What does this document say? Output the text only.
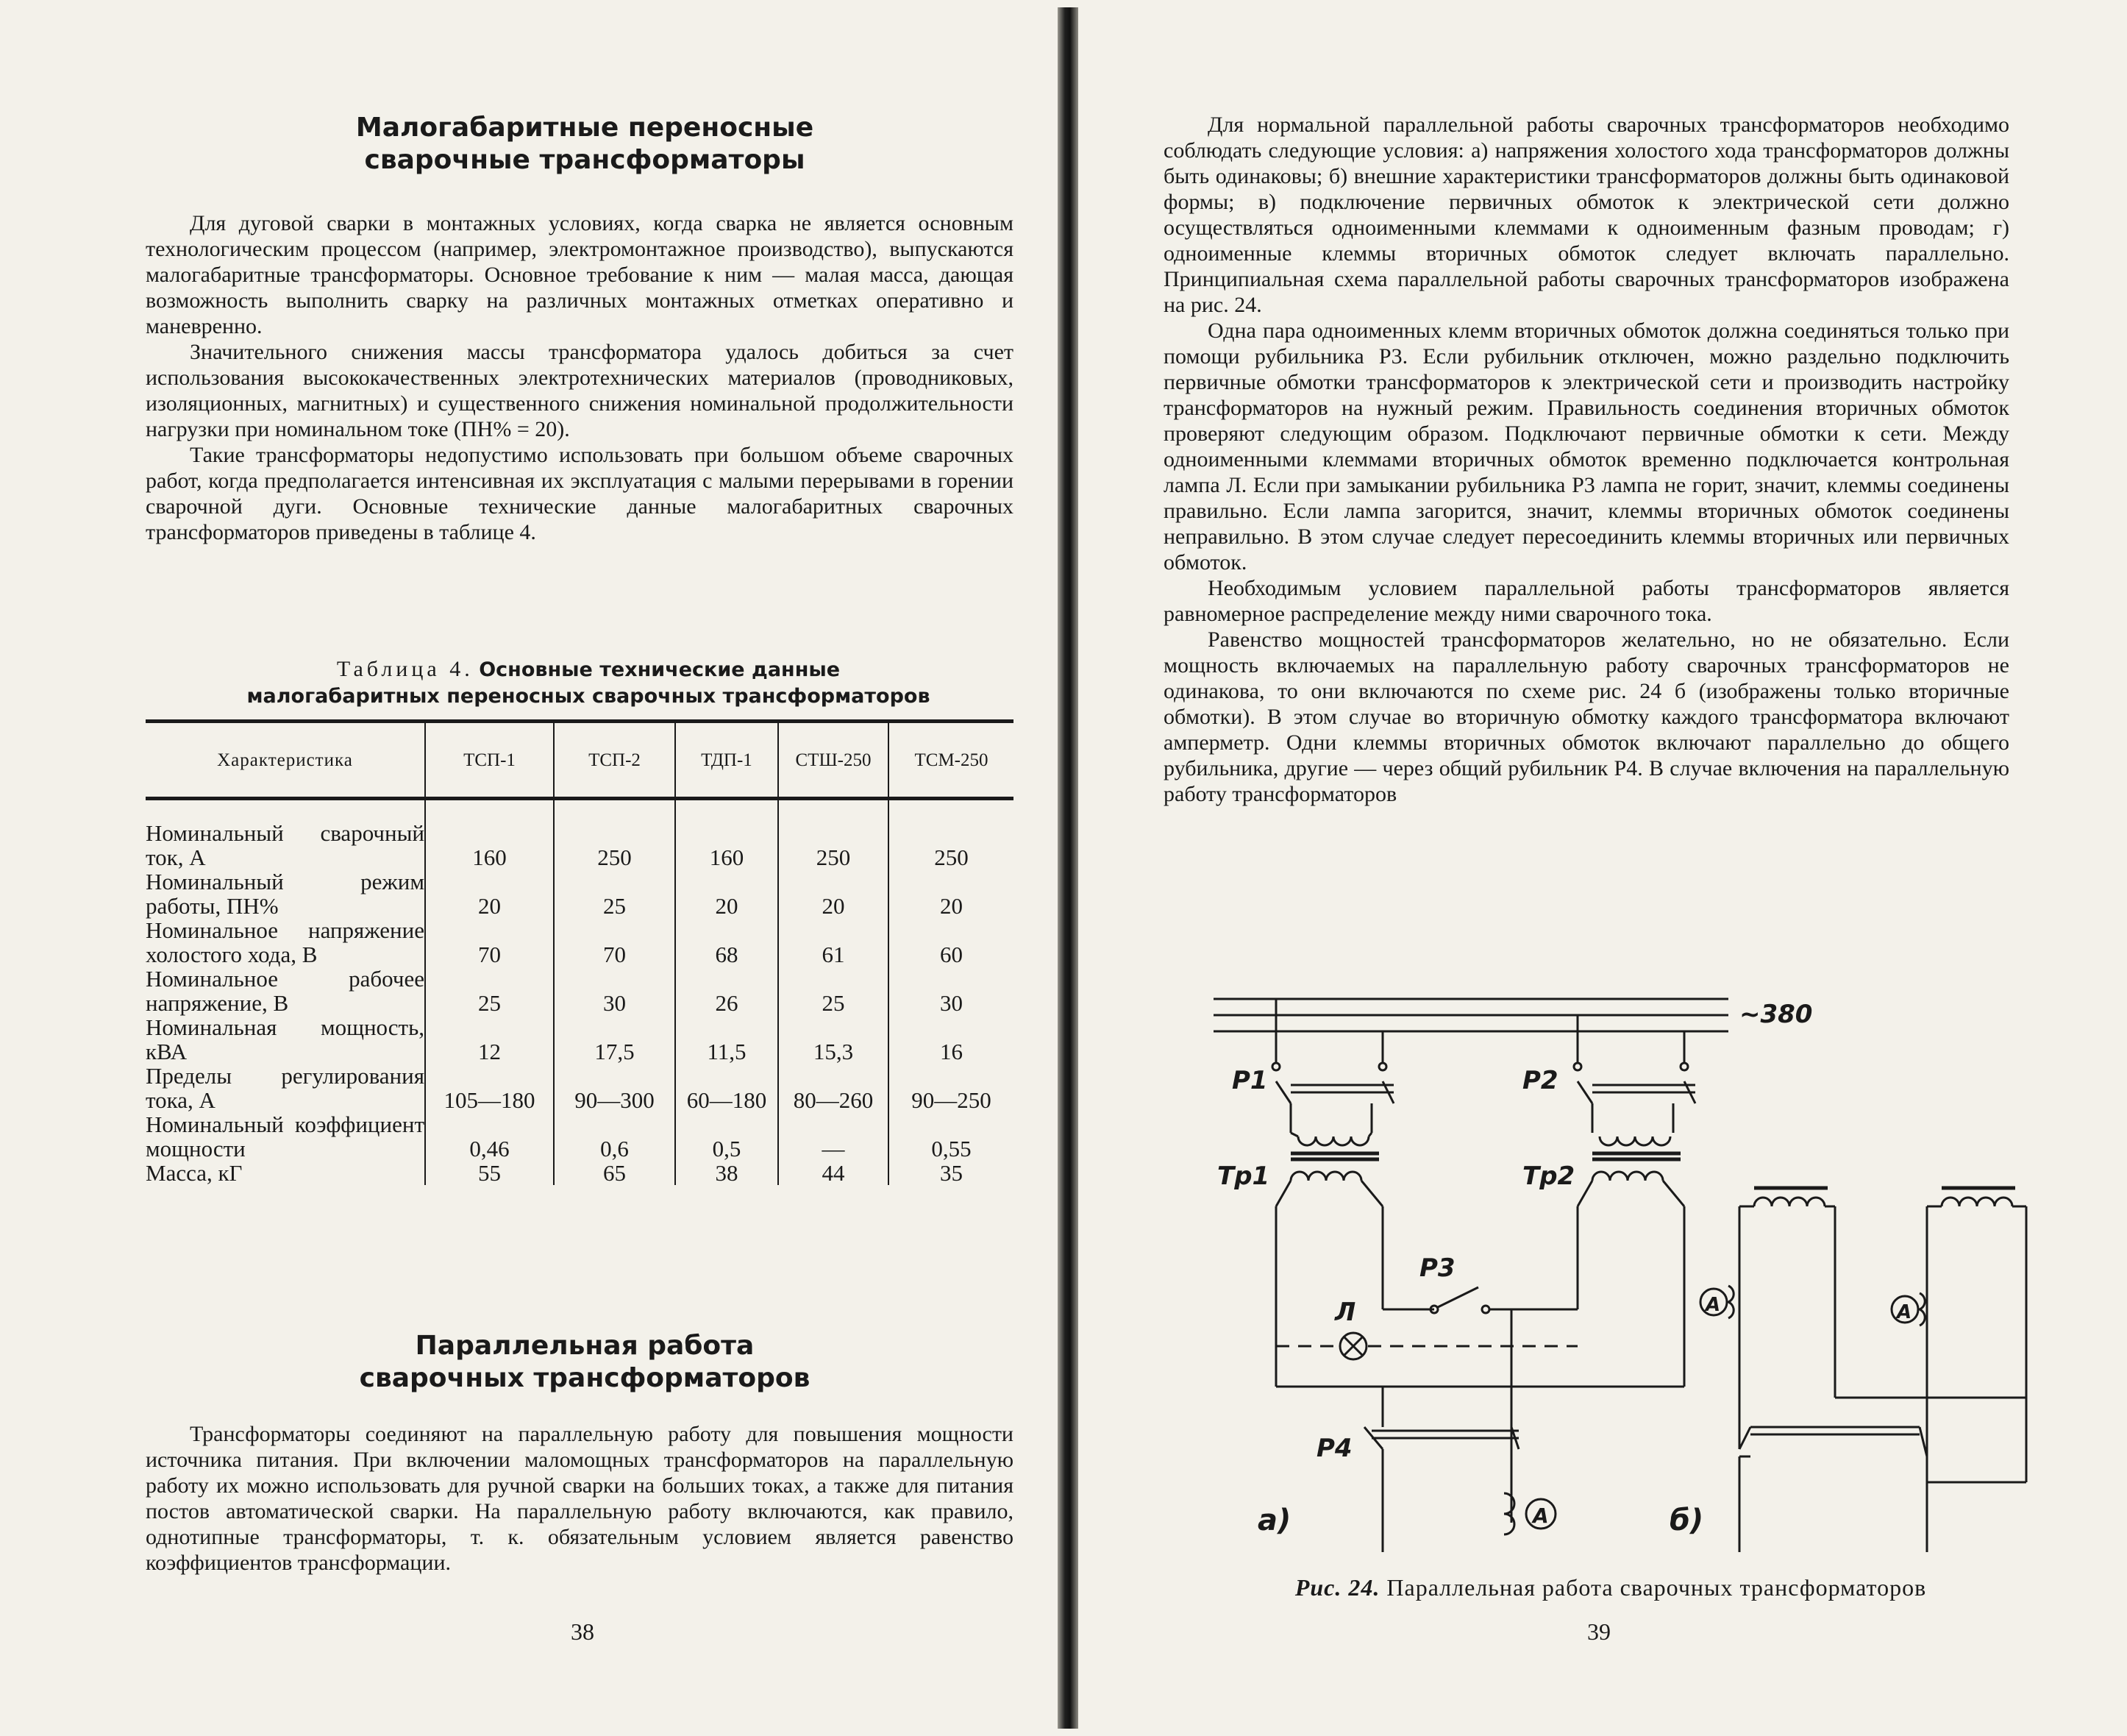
Малогабаритные переносные
сварочные трансформаторы

Для дуговой сварки в монтажных условиях, когда сварка не является основным технологическим процессом (например, электромонтажное производство), выпускаются малогабаритные трансформаторы. Основное требование к ним — малая масса, дающая возможность выполнить сварку на различных монтажных отметках оперативно и маневренно.

Значительного снижения массы трансформатора удалось добиться за счет использования высококачественных электротехнических материалов (проводниковых, изоляционных, магнитных) и существенного снижения номинальной продолжительности нагрузки при номинальном токе (ПН% = 20).

Такие трансформаторы недопустимо использовать при большом объеме сварочных работ, когда предполагается интенсивная их эксплуатация с малыми перерывами в горении сварочной дуги. Основные технические данные малогабаритных сварочных трансформаторов приведены в таблице 4.

Таблица 4. Основные технические данные
малогабаритных переносных сварочных трансформаторов
Характеристика	ТСП-1	ТСП-2	ТДП-1	СТШ-250	ТСМ-250
Номинальный сварочный ток, А	160	250	160	250	250
Номинальный режим работы, ПН%	20	25	20	20	20
Номинальное напряжение холостого хода, В	70	70	68	61	60
Номинальное рабочее напряжение, В	25	30	26	25	30
Номинальная мощность, кВА	12	17,5	11,5	15,3	16
Пределы регулирования тока, А	105—180	90—300	60—180	80—260	90—250
Номинальный коэффициент мощности	0,46	0,6	0,5	—	0,55
Масса, кГ	55	65	38	44	35
Параллельная работа
сварочных трансформаторов

Трансформаторы соединяют на параллельную работу для повышения мощности источника питания. При включении маломощных трансформаторов на параллельную работу их можно использовать для ручной сварки на больших токах, а также для питания постов автоматической сварки. На параллельную работу включаются, как правило, однотипные трансформаторы, т. к. обязательным условием является равенство коэффициентов трансформации.

38

Для нормальной параллельной работы сварочных трансформаторов необходимо соблюдать следующие условия: а) напряжения холостого хода трансформаторов должны быть одинаковы; б) внешние характеристики трансформаторов должны быть одинаковой формы; в) подключение первичных обмоток к электрической сети должно осуществляться одноименными клеммами к одноименным фазным проводам; г) одноименные клеммы вторичных обмоток следует включать параллельно. Принципиальная схема параллельной работы сварочных трансформаторов изображена на рис. 24.

Одна пара одноименных клемм вторичных обмоток должна соединяться только при помощи рубильника Р3. Если рубильник отключен, можно раздельно подключить первичные обмотки трансформаторов к электрической сети и производить настройку трансформаторов на нужный режим. Правильность соединения вторичных обмоток проверяют следующим образом. Подключают первичные обмотки к сети. Между одноименными клеммами вторичных обмоток временно подключается контрольная лампа Л. Если при замыкании рубильника Р3 лампа не горит, значит, клеммы соединены правильно. Если лампа загорится, значит, клеммы вторичных обмоток соединены неправильно. В этом случае следует пересоединить клеммы вторичных или первичных обмоток.

Необходимым условием параллельной работы трансформаторов является равномерное распределение между ними сварочного тока.

Равенство мощностей трансформаторов желательно, но не обязательно. Если мощность включаемых на параллельную работу сварочных трансформаторов не одинакова, то они включаются по схеме рис. 24 б (изображены только вторичные обмотки). В этом случае во вторичную обмотку каждого трансформатора включают амперметр. Одни клеммы вторичных обмоток включают параллельно до общего рубильника, другие — через общий рубильник Р4. В случае включения на параллельную работу трансформаторов

~380
P1
Тр1
P2
Тр2
P3
Л
P4
A
а)
A	A
б)
Рис. 24. Параллельная работа сварочных трансформаторов
39
